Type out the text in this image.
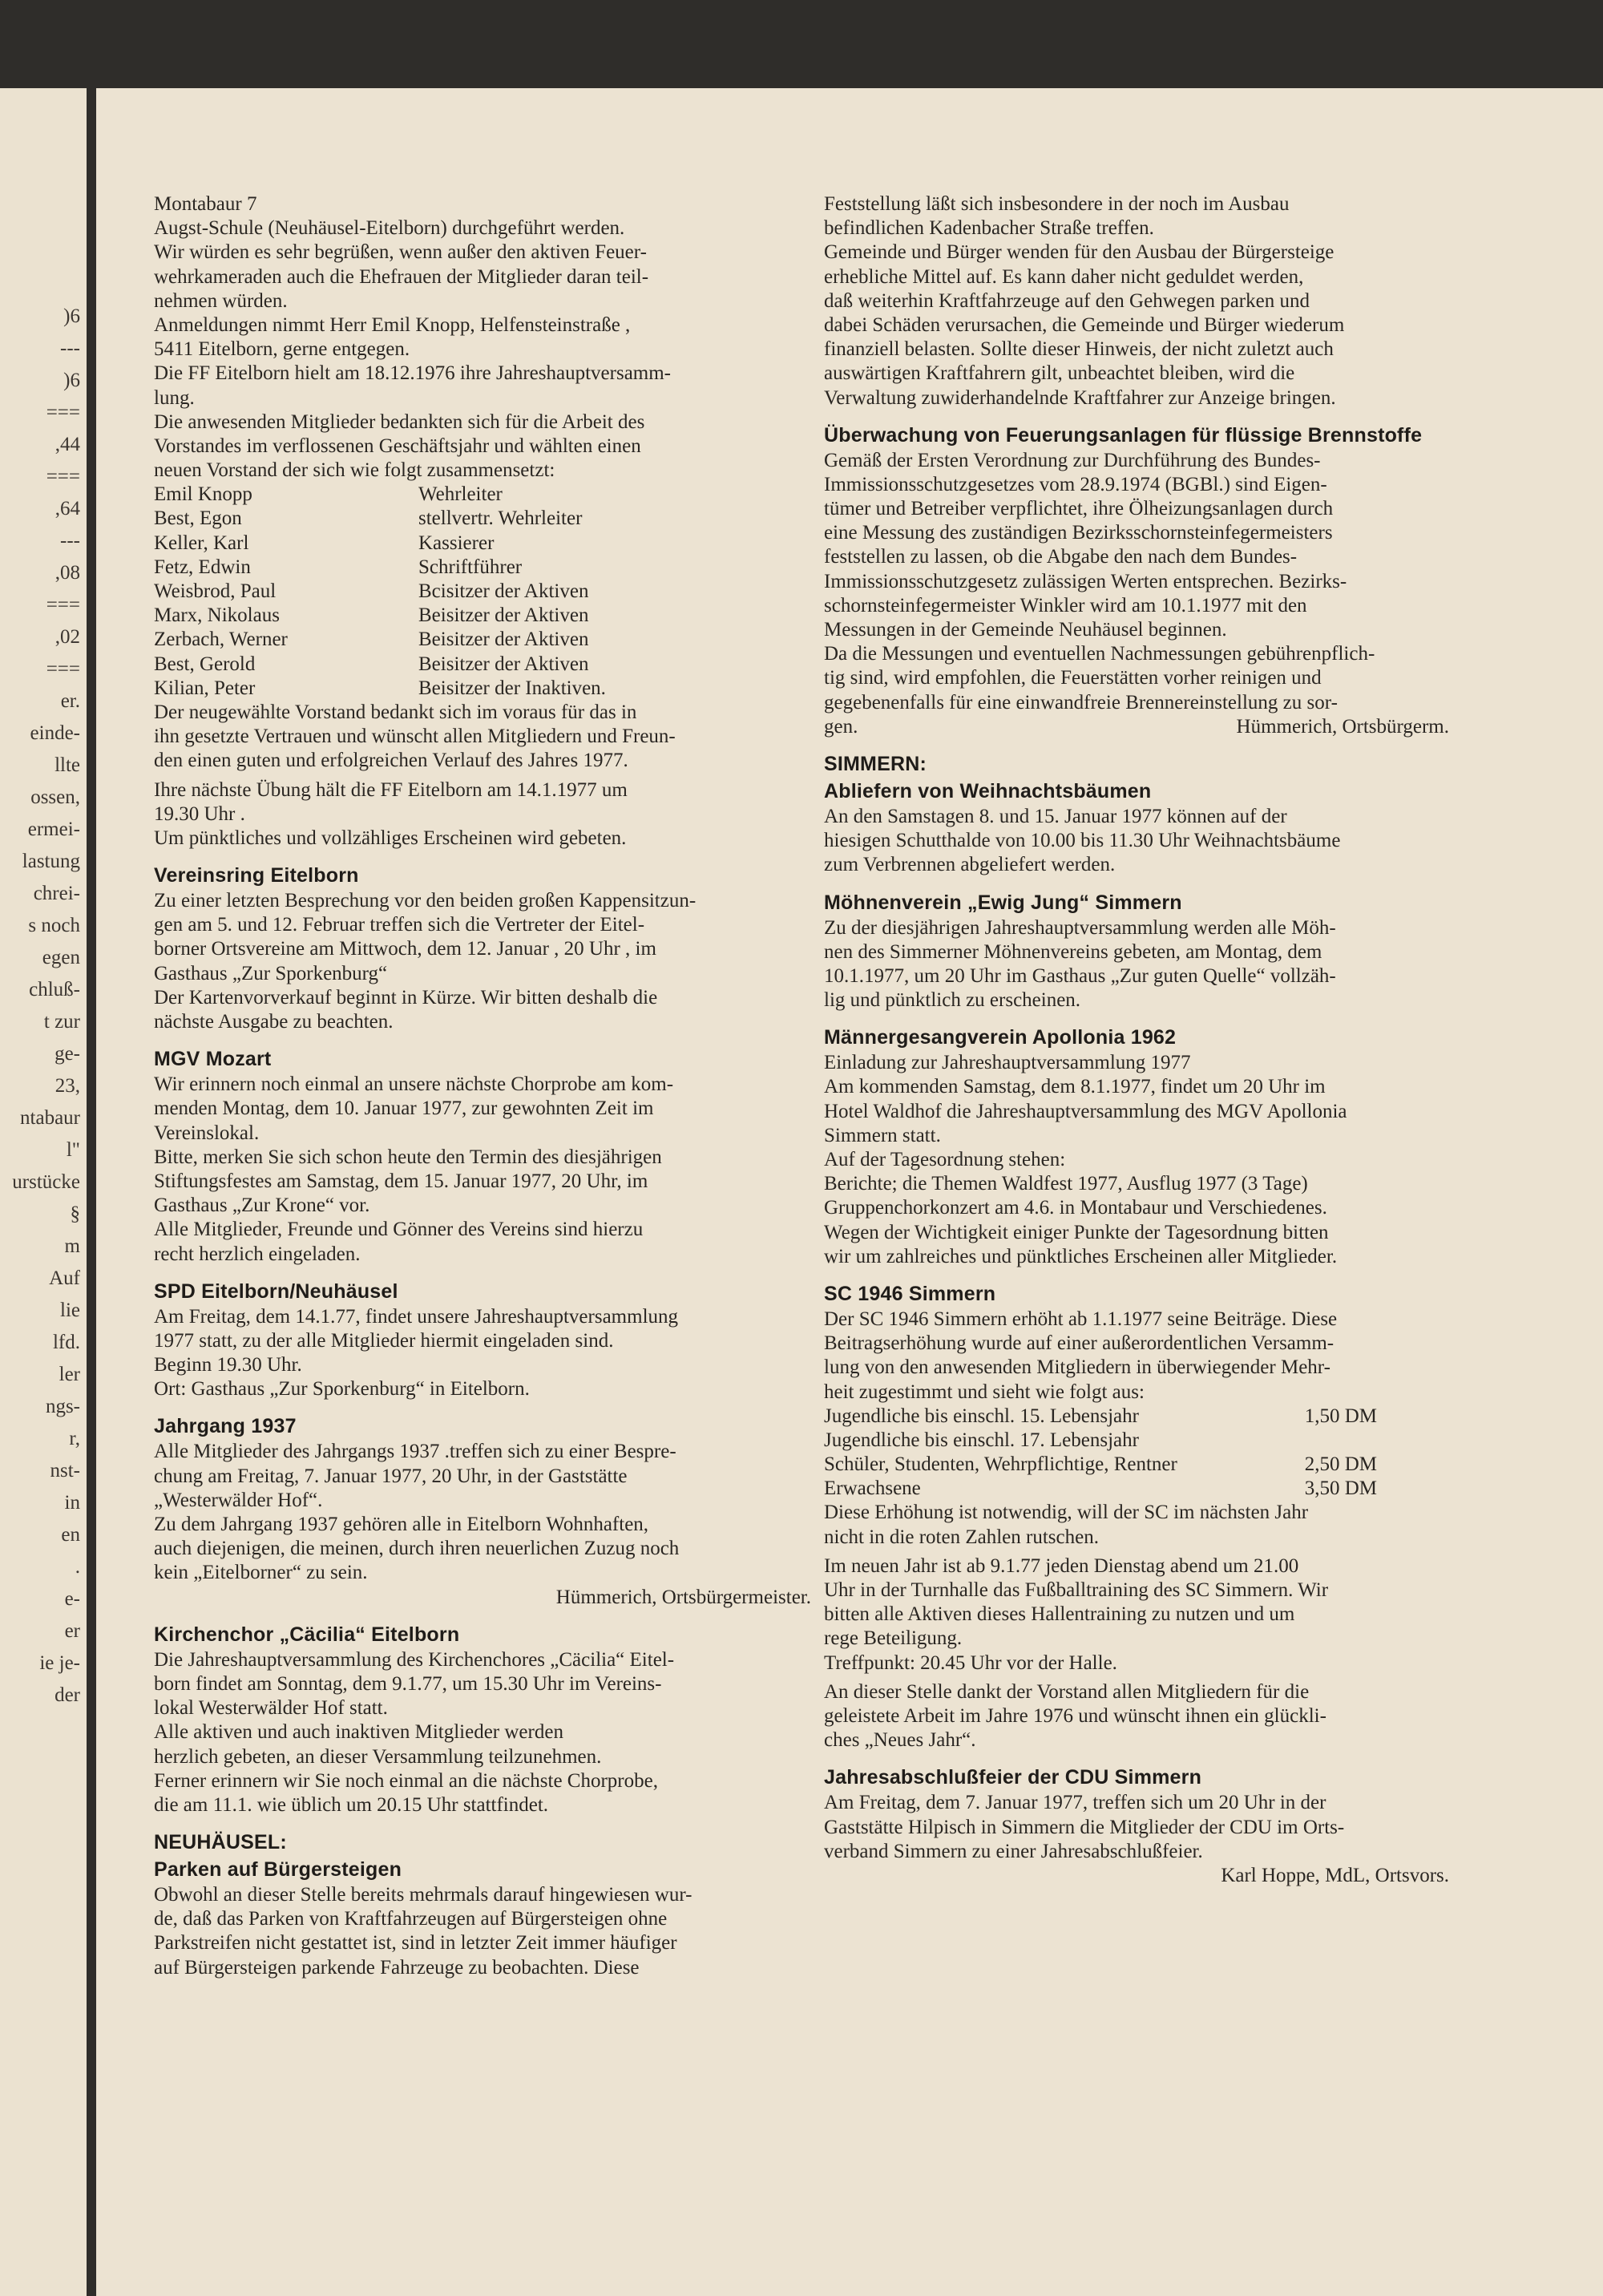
)6
---
)6
===
,44
===
,64
---
,08
===
,02
===
er.
einde-
llte
ossen,
ermei-
lastung
chrei-
s noch
egen
chluß-
t zur
ge-
23,
ntabaur
l"
urstücke
§
m
Auf
lie
lfd.
ler
ngs-
r,
nst-
in
en
.
e-
er
ie je-
der
Montabaur 7
Augst-Schule (Neuhäusel-Eitelborn) durchgeführt werden.
Wir würden es sehr begrüßen, wenn außer den aktiven Feuer-
wehrkameraden auch die Ehefrauen der Mitglieder daran teil-
nehmen würden.
Anmeldungen nimmt Herr Emil Knopp, Helfensteinstraße ,
5411 Eitelborn, gerne entgegen.
Die FF Eitelborn hielt am 18.12.1976 ihre Jahreshauptversamm-
lung.
Die anwesenden Mitglieder bedankten sich für die Arbeit des
Vorstandes im verflossenen Geschäftsjahr und wählten einen
neuen Vorstand der sich wie folgt zusammensetzt:
Emil Knopp	Wehrleiter
Best, Egon	stellvertr. Wehrleiter
Keller, Karl	Kassierer
Fetz, Edwin	Schriftführer
Weisbrod, Paul	Bcisitzer der Aktiven
Marx, Nikolaus	Beisitzer der Aktiven
Zerbach, Werner	Beisitzer der Aktiven
Best, Gerold	Beisitzer der Aktiven
Kilian, Peter	Beisitzer der Inaktiven.
Der neugewählte Vorstand bedankt sich im voraus für das in
ihn gesetzte Vertrauen und wünscht allen Mitgliedern und Freun-
den einen guten und erfolgreichen Verlauf des Jahres 1977.
Ihre nächste Übung hält die FF Eitelborn am 14.1.1977 um
19.30 Uhr .
Um pünktliches und vollzähliges Erscheinen wird gebeten.
Vereinsring Eitelborn
Zu einer letzten Besprechung vor den beiden großen Kappensitzun-
gen am 5. und 12. Februar treffen sich die Vertreter der Eitel-
borner Ortsvereine am Mittwoch, dem 12. Januar , 20 Uhr , im
Gasthaus „Zur Sporkenburg“
Der Kartenvorverkauf beginnt in Kürze. Wir bitten deshalb die
nächste Ausgabe zu beachten.
MGV Mozart
Wir erinnern noch einmal an unsere nächste Chorprobe am kom-
menden Montag, dem 10. Januar 1977, zur gewohnten Zeit im
Vereinslokal.
Bitte, merken Sie sich schon heute den Termin des diesjährigen
Stiftungsfestes am Samstag, dem 15. Januar 1977, 20 Uhr, im
Gasthaus „Zur Krone“ vor.
Alle Mitglieder, Freunde und Gönner des Vereins sind hierzu
recht herzlich eingeladen.
SPD Eitelborn/Neuhäusel
Am Freitag, dem 14.1.77, findet unsere Jahreshauptversammlung
1977 statt, zu der alle Mitglieder hiermit eingeladen sind.
Beginn 19.30 Uhr.
Ort: Gasthaus „Zur Sporkenburg“ in Eitelborn.
Jahrgang 1937
Alle Mitglieder des Jahrgangs 1937 .treffen sich zu einer Bespre-
chung am Freitag, 7. Januar 1977, 20 Uhr, in der Gaststätte
„Westerwälder Hof“.
Zu dem Jahrgang 1937 gehören alle in Eitelborn Wohnhaften,
auch diejenigen, die meinen, durch ihren neuerlichen Zuzug noch
kein „Eitelborner“ zu sein.
Hümmerich, Ortsbürgermeister.
Kirchenchor „Cäcilia“ Eitelborn
Die Jahreshauptversammlung des Kirchenchores „Cäcilia“ Eitel-
born findet am Sonntag, dem 9.1.77, um 15.30 Uhr im Vereins-
lokal Westerwälder Hof statt.
Alle aktiven und auch inaktiven Mitglieder werden
herzlich gebeten, an dieser Versammlung teilzunehmen.
Ferner erinnern wir Sie noch einmal an die nächste Chorprobe,
die am 11.1. wie üblich um 20.15 Uhr stattfindet.
NEUHÄUSEL:
Parken auf Bürgersteigen
Obwohl an dieser Stelle bereits mehrmals darauf hingewiesen wur-
de, daß das Parken von Kraftfahrzeugen auf Bürgersteigen ohne
Parkstreifen nicht gestattet ist, sind in letzter Zeit immer häufiger
auf Bürgersteigen parkende Fahrzeuge zu beobachten. Diese
Feststellung läßt sich insbesondere in der noch im Ausbau
befindlichen Kadenbacher Straße treffen.
Gemeinde und Bürger wenden für den Ausbau der Bürgersteige
erhebliche Mittel auf. Es kann daher nicht geduldet werden,
daß weiterhin Kraftfahrzeuge auf den Gehwegen parken und
dabei Schäden verursachen, die Gemeinde und Bürger wiederum
finanziell belasten. Sollte dieser Hinweis, der nicht zuletzt auch
auswärtigen Kraftfahrern gilt, unbeachtet bleiben, wird die
Verwaltung zuwiderhandelnde Kraftfahrer zur Anzeige bringen.
Überwachung von Feuerungsanlagen für flüssige Brennstoffe
Gemäß der Ersten Verordnung zur Durchführung des Bundes-
Immissionsschutzgesetzes vom 28.9.1974 (BGBl.) sind Eigen-
tümer und Betreiber verpflichtet, ihre Ölheizungsanlagen durch
eine Messung des zuständigen Bezirksschornsteinfegermeisters
feststellen zu lassen, ob die Abgabe den nach dem Bundes-
Immissionsschutzgesetz zulässigen Werten entsprechen. Bezirks-
schornsteinfegermeister Winkler wird am 10.1.1977 mit den
Messungen in der Gemeinde Neuhäusel beginnen.
Da die Messungen und eventuellen Nachmessungen gebührenpflich-
tig sind, wird empfohlen, die Feuerstätten vorher reinigen und
gegebenenfalls für eine einwandfreie Brennereinstellung zu sor-
gen.	Hümmerich, Ortsbürgerm.
SIMMERN:
Abliefern von Weihnachtsbäumen
An den Samstagen 8. und 15. Januar 1977 können auf der
hiesigen Schutthalde von 10.00 bis 11.30 Uhr Weihnachtsbäume
zum Verbrennen abgeliefert werden.
Möhnenverein „Ewig Jung“ Simmern
Zu der diesjährigen Jahreshauptversammlung werden alle Möh-
nen des Simmerner Möhnenvereins gebeten, am Montag, dem
10.1.1977, um 20 Uhr im Gasthaus „Zur guten Quelle“ vollzäh-
lig und pünktlich zu erscheinen.
Männergesangverein Apollonia 1962
Einladung zur Jahreshauptversammlung 1977
Am kommenden Samstag, dem 8.1.1977, findet um 20 Uhr im
Hotel Waldhof die Jahreshauptversammlung des MGV Apollonia
Simmern statt.
Auf der Tagesordnung stehen:
Berichte; die Themen Waldfest 1977, Ausflug 1977 (3 Tage)
Gruppenchorkonzert am 4.6. in Montabaur und Verschiedenes.
Wegen der Wichtigkeit einiger Punkte der Tagesordnung bitten
wir um zahlreiches und pünktliches Erscheinen aller Mitglieder.
SC 1946 Simmern
Der SC 1946 Simmern erhöht ab 1.1.1977 seine Beiträge. Diese
Beitragserhöhung wurde auf einer außerordentlichen Versamm-
lung von den anwesenden Mitgliedern in überwiegender Mehr-
heit zugestimmt und sieht wie folgt aus:
Jugendliche bis einschl. 15. Lebensjahr	1,50 DM
Jugendliche bis einschl. 17. Lebensjahr
Schüler, Studenten, Wehrpflichtige, Rentner	2,50 DM
Erwachsene	3,50 DM
Diese Erhöhung ist notwendig, will der SC im nächsten Jahr
nicht in die roten Zahlen rutschen.
Im neuen Jahr ist ab 9.1.77 jeden Dienstag abend um 21.00
Uhr in der Turnhalle das Fußballtraining des SC Simmern. Wir
bitten alle Aktiven dieses Hallentraining zu nutzen und um
rege Beteiligung.
Treffpunkt: 20.45 Uhr vor der Halle.
An dieser Stelle dankt der Vorstand allen Mitgliedern für die
geleistete Arbeit im Jahre 1976 und wünscht ihnen ein glückli-
ches „Neues Jahr“.
Jahresabschlußfeier der CDU Simmern
Am Freitag, dem 7. Januar 1977, treffen sich um 20 Uhr in der
Gaststätte Hilpisch in Simmern die Mitglieder der CDU im Orts-
verband Simmern zu einer Jahresabschlußfeier.
Karl Hoppe, MdL, Ortsvors.
